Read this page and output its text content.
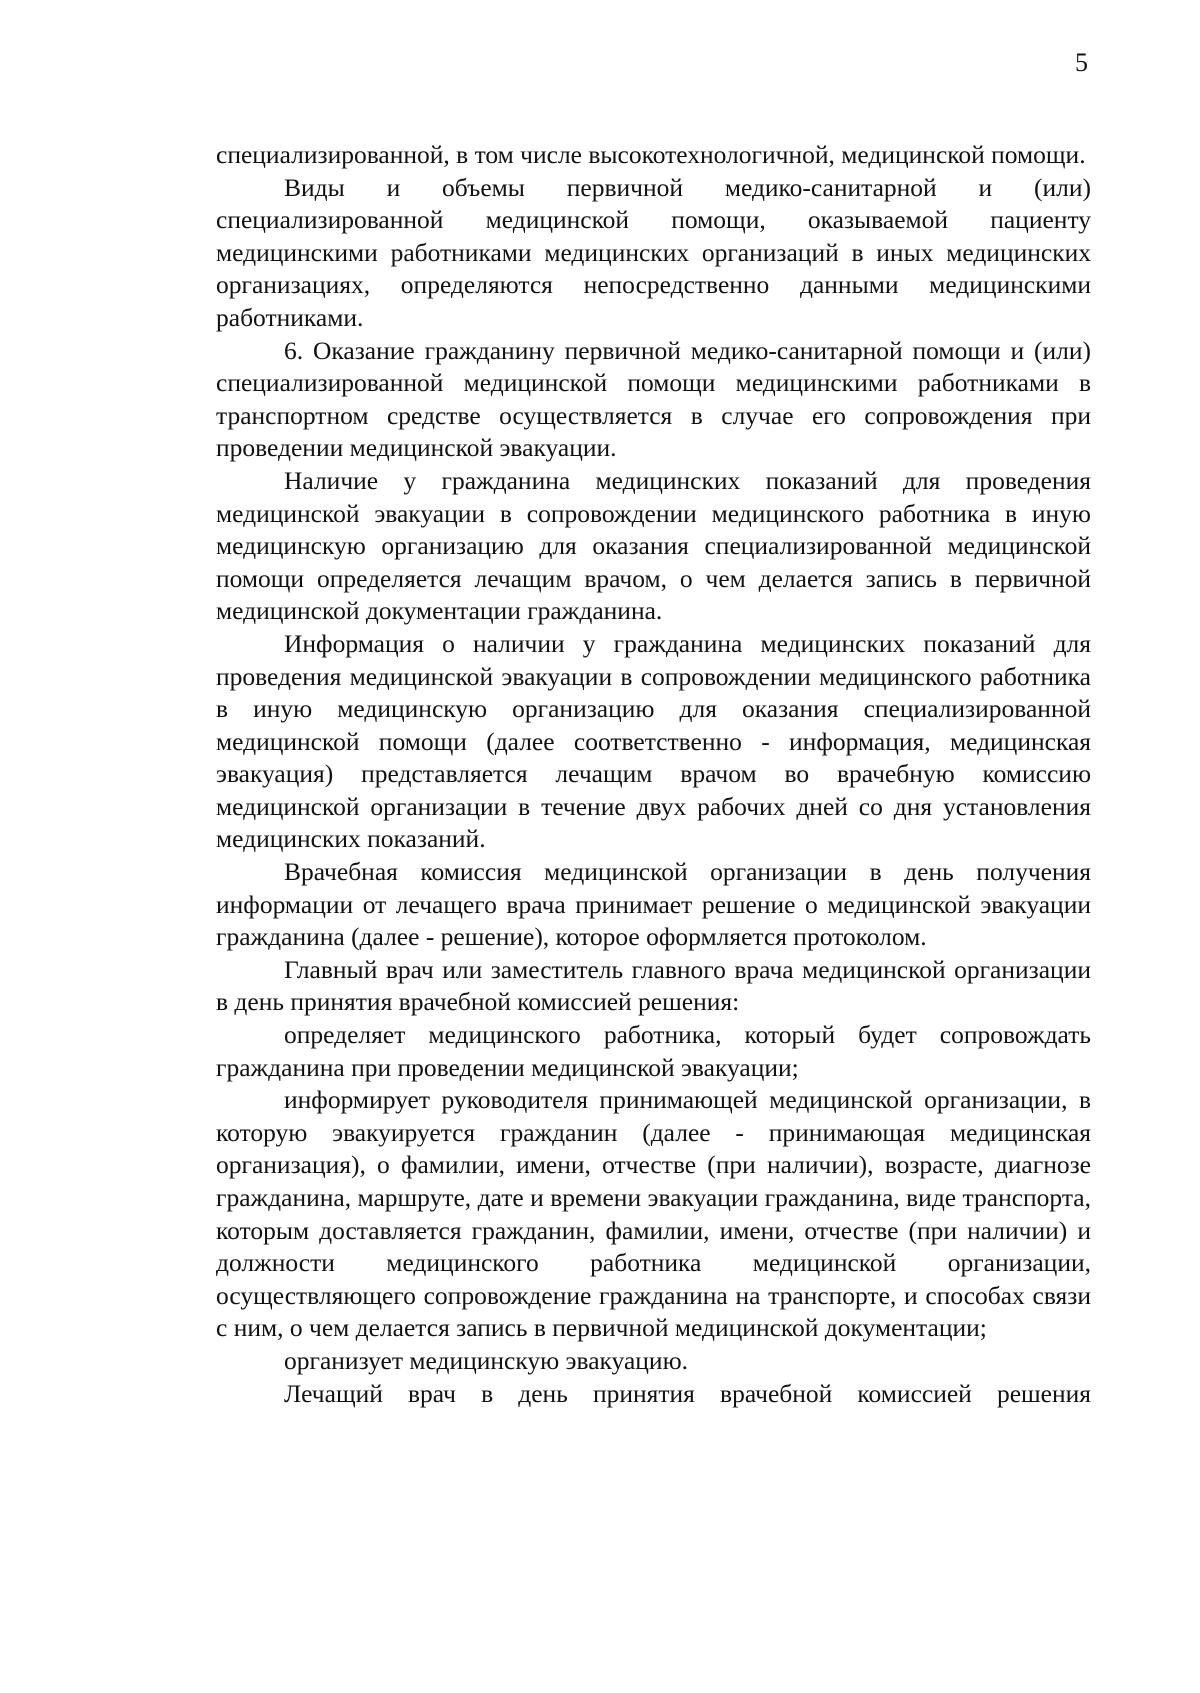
5

специализированной, в том числе высокотехнологичной, медицинской помощи.

Виды и объемы первичной медико-санитарной и (или) специализированной медицинской помощи, оказываемой пациенту медицинскими работниками медицинских организаций в иных медицинских организациях, определяются непосредственно данными медицинскими работниками.

6. Оказание гражданину первичной медико-санитарной помощи и (или) специализированной медицинской помощи медицинскими работниками в транспортном средстве осуществляется в случае его сопровождения при проведении медицинской эвакуации.

Наличие у гражданина медицинских показаний для проведения медицинской эвакуации в сопровождении медицинского работника в иную медицинскую организацию для оказания специализированной медицинской помощи определяется лечащим врачом, о чем делается запись в первичной медицинской документации гражданина.

Информация о наличии у гражданина медицинских показаний для проведения медицинской эвакуации в сопровождении медицинского работника в иную медицинскую организацию для оказания специализированной медицинской помощи (далее соответственно - информация, медицинская эвакуация) представляется лечащим врачом во врачебную комиссию медицинской организации в течение двух рабочих дней со дня установления медицинских показаний.

Врачебная комиссия медицинской организации в день получения информации от лечащего врача принимает решение о медицинской эвакуации гражданина (далее - решение), которое оформляется протоколом.

Главный врач или заместитель главного врача медицинской организации в день принятия врачебной комиссией решения:

определяет медицинского работника, который будет сопровождать гражданина при проведении медицинской эвакуации;

информирует руководителя принимающей медицинской организации, в которую эвакуируется гражданин (далее - принимающая медицинская организация), о фамилии, имени, отчестве (при наличии), возрасте, диагнозе гражданина, маршруте, дате и времени эвакуации гражданина, виде транспорта, которым доставляется гражданин, фамилии, имени, отчестве (при наличии) и должности медицинского работника медицинской организации, осуществляющего сопровождение гражданина на транспорте, и способах связи с ним, о чем делается запись в первичной медицинской документации;

организует медицинскую эвакуацию.

Лечащий врач в день принятия врачебной комиссией решения
